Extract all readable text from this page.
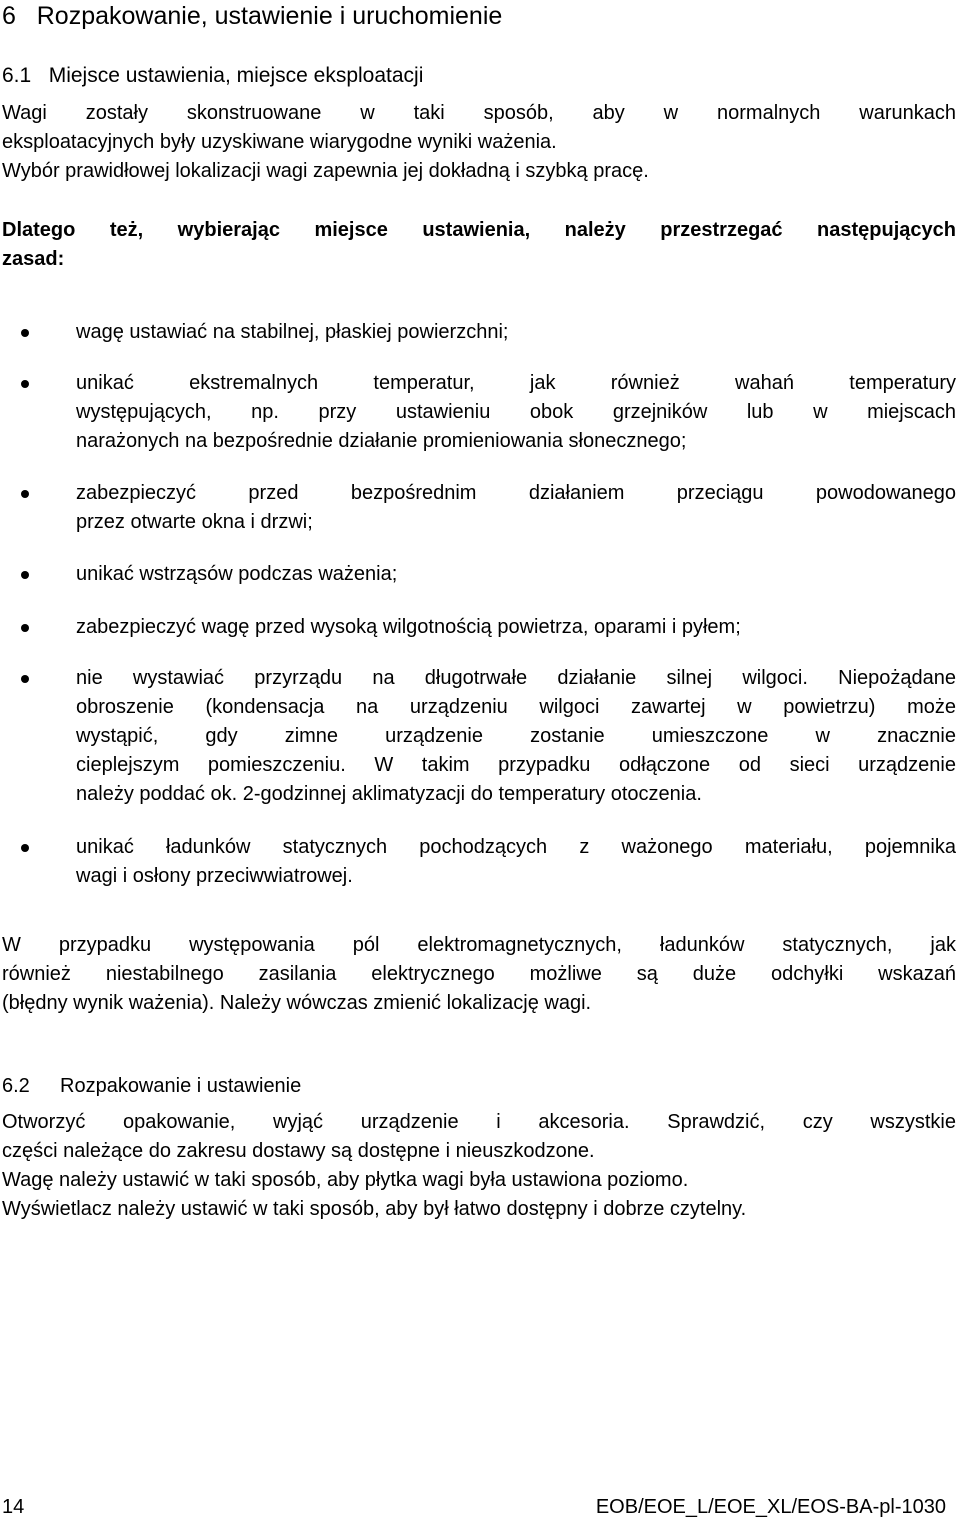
6 Rozpakowanie, ustawienie i uruchomienie
6.1 Miejsce ustawienia, miejsce eksploatacji
Wagi zostały skonstruowane w taki sposób, aby w normalnych warunkach
eksploatacyjnych były uzyskiwane wiarygodne wyniki ważenia.
Wybór prawidłowej lokalizacji wagi zapewnia jej dokładną i szybką pracę.
Dlatego też, wybierając miejsce ustawienia, należy przestrzegać następujących
zasad:
wagę ustawiać na stabilnej, płaskiej powierzchni;
unikać ekstremalnych temperatur, jak również wahań temperatury
występujących, np. przy ustawieniu obok grzejników lub w miejscach
narażonych na bezpośrednie działanie promieniowania słonecznego;
zabezpieczyć przed bezpośrednim działaniem przeciągu powodowanego
przez otwarte okna i drzwi;
unikać wstrząsów podczas ważenia;
zabezpieczyć wagę przed wysoką wilgotnością powietrza, oparami i pyłem;
nie wystawiać przyrządu na długotrwałe działanie silnej wilgoci. Niepożądane
obroszenie (kondensacja na urządzeniu wilgoci zawartej w powietrzu) może
wystąpić, gdy zimne urządzenie zostanie umieszczone w znacznie
cieplejszym pomieszczeniu. W takim przypadku odłączone od sieci urządzenie
należy poddać ok. 2-godzinnej aklimatyzacji do temperatury otoczenia.
unikać ładunków statycznych pochodzących z ważonego materiału, pojemnika
wagi i osłony przeciwwiatrowej.
W przypadku występowania pól elektromagnetycznych, ładunków statycznych, jak
również niestabilnego zasilania elektrycznego możliwe są duże odchyłki wskazań
(błędny wynik ważenia). Należy wówczas zmienić lokalizację wagi.
6.2 Rozpakowanie i ustawienie
Otworzyć opakowanie, wyjąć urządzenie i akcesoria. Sprawdzić, czy wszystkie
części należące do zakresu dostawy są dostępne i nieuszkodzone.
Wagę należy ustawić w taki sposób, aby płytka wagi była ustawiona poziomo.
Wyświetlacz należy ustawić w taki sposób, aby był łatwo dostępny i dobrze czytelny.
14	EOB/EOE_L/EOE_XL/EOS-BA-pl-1030
